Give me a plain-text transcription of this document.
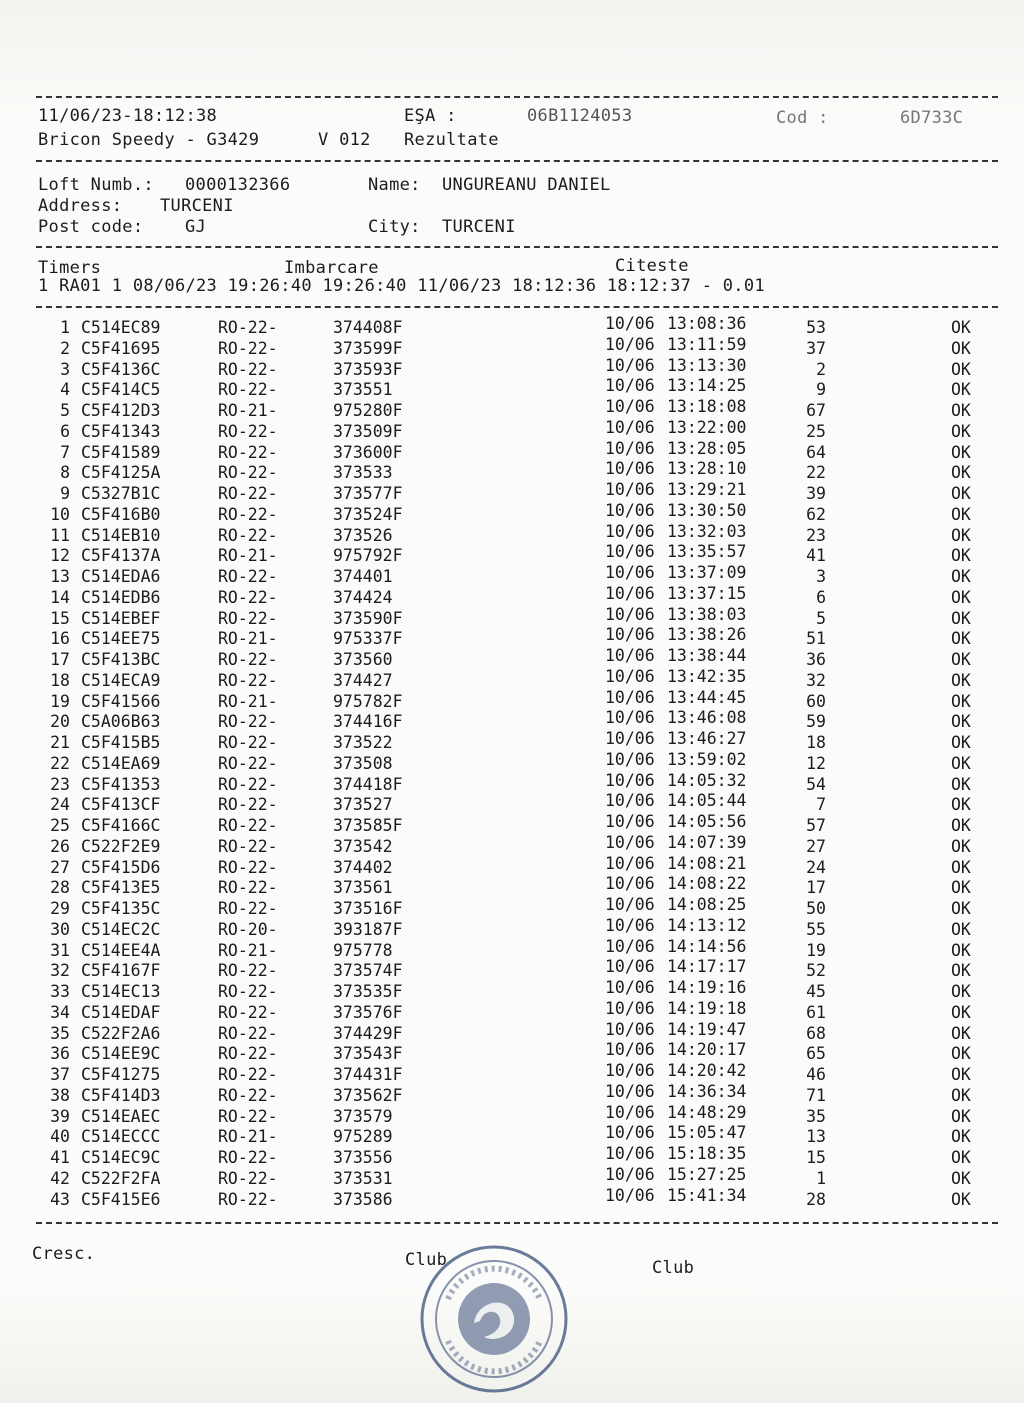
11/06/23-18:12:38	EŞA :	06B1124053	Cod :	6D733C
Bricon Speedy - G3429	V 012 Rezultate
Loft Numb.: 0000132366	Name: UNGUREANU DANIEL
Address: TURCENI
Post code: GJ	City: TURCENI
Timers	Imbarcare	Citeste
1 RA01 1 08/06/23 19:26:40 19:26:40 11/06/23 18:12:36 18:12:37 - 0.01
1 C514EC89	RO-22-	374408F	10/06 13:08:36	53	OK
2 C5F41695	RO-22-	373599F	10/06 13:11:59	37	OK
3 C5F4136C	RO-22-	373593F	10/06 13:13:30	2	OK
4 C5F414C5	RO-22-	373551	10/06 13:14:25	9	OK
5 C5F412D3	RO-21-	975280F	10/06 13:18:08	67	OK
6 C5F41343	RO-22-	373509F	10/06 13:22:00	25	OK
7 C5F41589	RO-22-	373600F	10/06 13:28:05	64	OK
8 C5F4125A	RO-22-	373533	10/06 13:28:10	22	OK
9 C5327B1C	RO-22-	373577F	10/06 13:29:21	39	OK
10 C5F416B0	RO-22-	373524F	10/06 13:30:50	62	OK
11 C514EB10	RO-22-	373526	10/06 13:32:03	23	OK
12 C5F4137A	RO-21-	975792F	10/06 13:35:57	41	OK
13 C514EDA6	RO-22-	374401	10/06 13:37:09	3	OK
14 C514EDB6	RO-22-	374424	10/06 13:37:15	6	OK
15 C514EBEF	RO-22-	373590F	10/06 13:38:03	5	OK
16 C514EE75	RO-21-	975337F	10/06 13:38:26	51	OK
17 C5F413BC	RO-22-	373560	10/06 13:38:44	36	OK
18 C514ECA9	RO-22-	374427	10/06 13:42:35	32	OK
19 C5F41566	RO-21-	975782F	10/06 13:44:45	60	OK
20 C5A06B63	RO-22-	374416F	10/06 13:46:08	59	OK
21 C5F415B5	RO-22-	373522	10/06 13:46:27	18	OK
22 C514EA69	RO-22-	373508	10/06 13:59:02	12	OK
23 C5F41353	RO-22-	374418F	10/06 14:05:32	54	OK
24 C5F413CF	RO-22-	373527	10/06 14:05:44	7	OK
25 C5F4166C	RO-22-	373585F	10/06 14:05:56	57	OK
26 C522F2E9	RO-22-	373542	10/06 14:07:39	27	OK
27 C5F415D6	RO-22-	374402	10/06 14:08:21	24	OK
28 C5F413E5	RO-22-	373561	10/06 14:08:22	17	OK
29 C5F4135C	RO-22-	373516F	10/06 14:08:25	50	OK
30 C514EC2C	RO-20-	393187F	10/06 14:13:12	55	OK
31 C514EE4A	RO-21-	975778	10/06 14:14:56	19	OK
32 C5F4167F	RO-22-	373574F	10/06 14:17:17	52	OK
33 C514EC13	RO-22-	373535F	10/06 14:19:16	45	OK
34 C514EDAF	RO-22-	373576F	10/06 14:19:18	61	OK
35 C522F2A6	RO-22-	374429F	10/06 14:19:47	68	OK
36 C514EE9C	RO-22-	373543F	10/06 14:20:17	65	OK
37 C5F41275	RO-22-	374431F	10/06 14:20:42	46	OK
38 C5F414D3	RO-22-	373562F	10/06 14:36:34	71	OK
39 C514EAEC	RO-22-	373579	10/06 14:48:29	35	OK
40 C514ECCC	RO-21-	975289	10/06 15:05:47	13	OK
41 C514EC9C	RO-22-	373556	10/06 15:18:35	15	OK
42 C522F2FA	RO-22-	373531	10/06 15:27:25	1	OK
43 C5F415E6	RO-22-	373586	10/06 15:41:34	28	OK
Cresc.	Club	Club
